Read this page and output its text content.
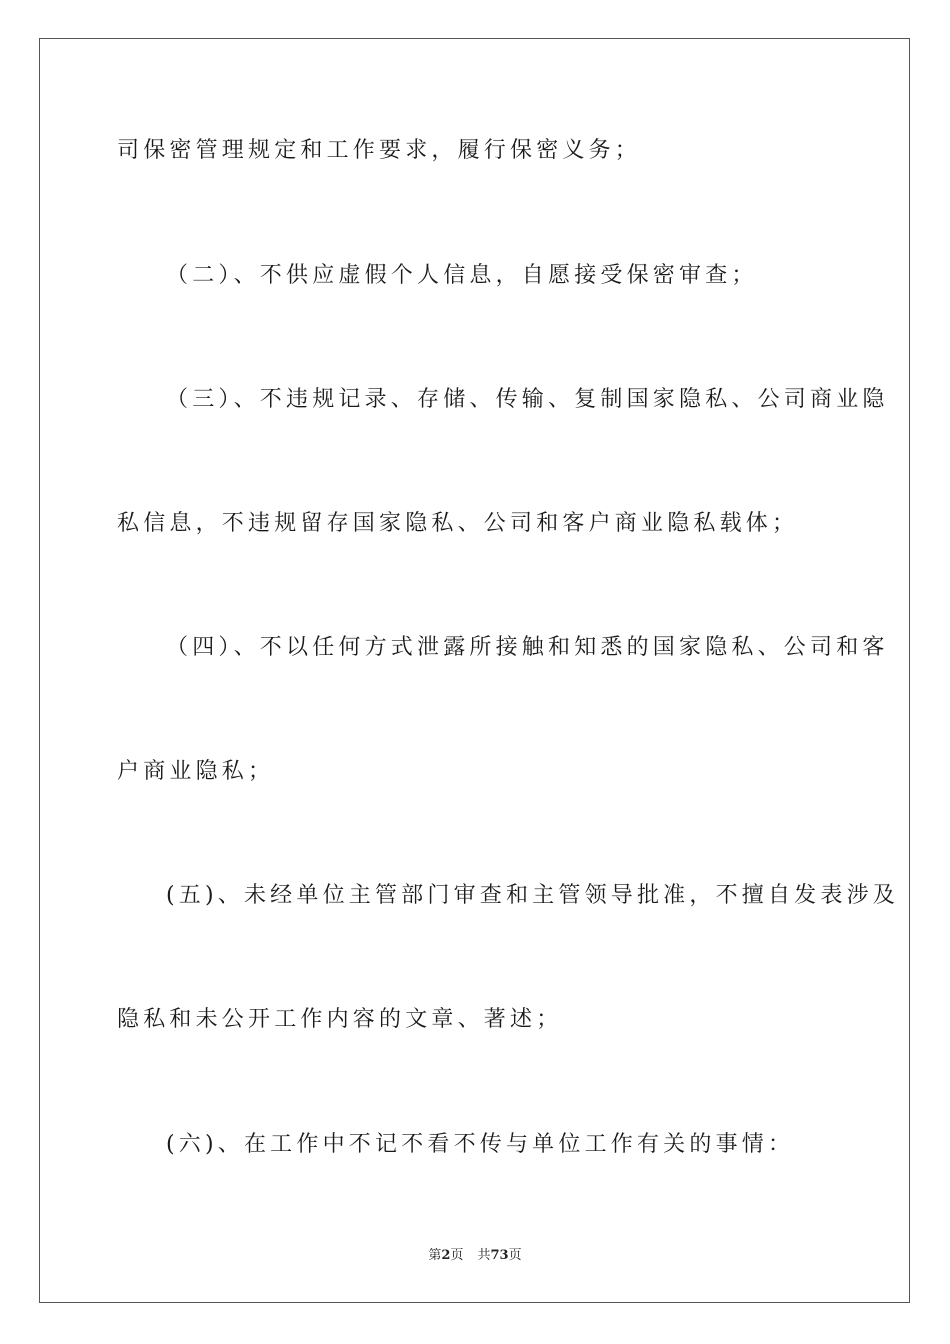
司保密管理规定和工作要求，履行保密义务；
（二）、不供应虚假个人信息，自愿接受保密审查；
（三）、不违规记录、存储、传输、复制国家隐私、公司商业隐
私信息，不违规留存国家隐私、公司和客户商业隐私载体；
（四）、不以任何方式泄露所接触和知悉的国家隐私、公司和客
户商业隐私；
(五)、未经单位主管部门审查和主管领导批准，不擅自发表涉及
隐私和未公开工作内容的文章、著述；
(六)、在工作中不记不看不传与单位工作有关的事情：
第2页 共73页
